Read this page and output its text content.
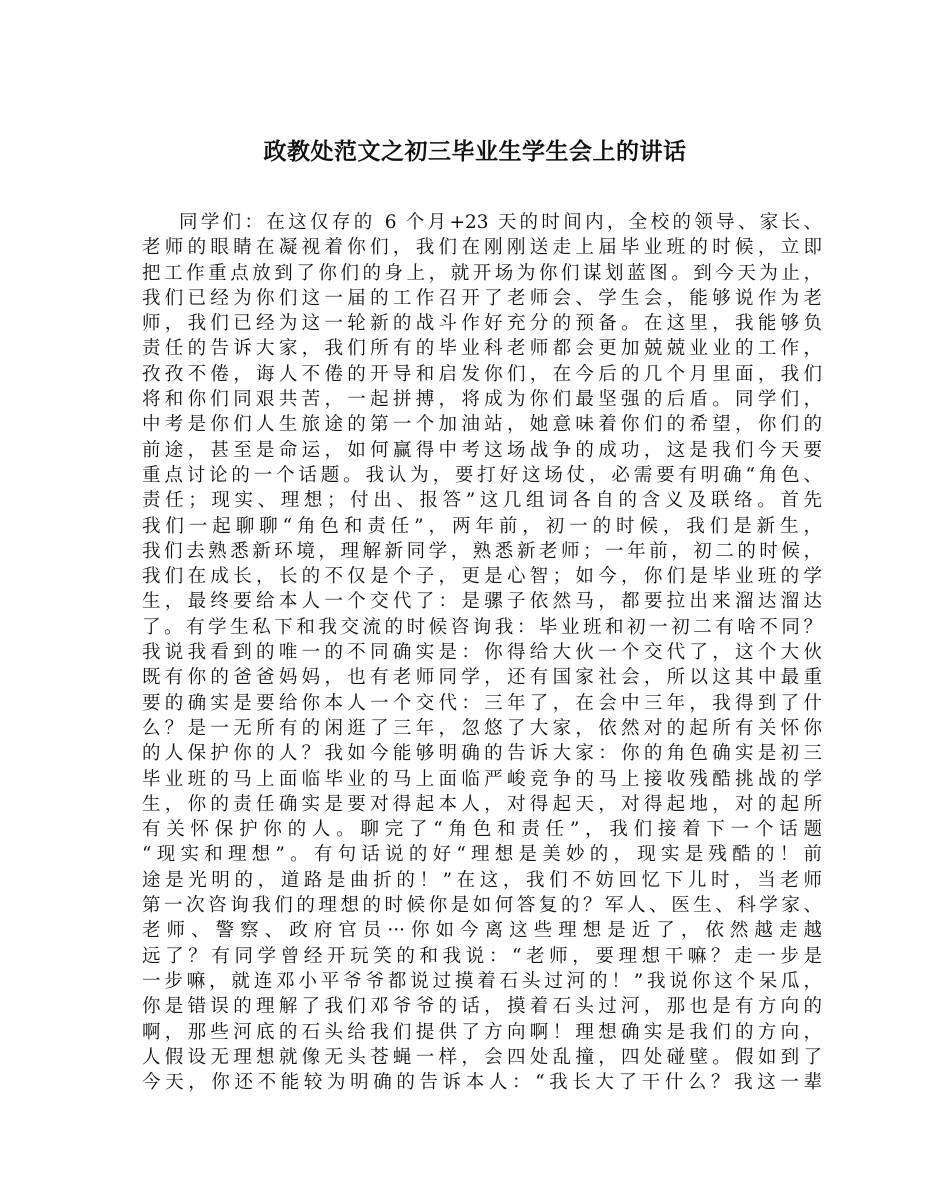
政教处范文之初三毕业生学生会上的讲话
同学们：在这仅存的 6 个月+23 天的时间内，全校的领导、家长、
老师的眼睛在凝视着你们，我们在刚刚送走上届毕业班的时候，立即
把工作重点放到了你们的身上，就开场为你们谋划蓝图。到今天为止，
我们已经为你们这一届的工作召开了老师会、学生会，能够说作为老
师，我们已经为这一轮新的战斗作好充分的预备。在这里，我能够负
责任的告诉大家，我们所有的毕业科老师都会更加兢兢业业的工作，
孜孜不倦，诲人不倦的开导和启发你们，在今后的几个月里面，我们
将和你们同艰共苦，一起拼搏，将成为你们最坚强的后盾。同学们，
中考是你们人生旅途的第一个加油站，她意味着你们的希望，你们的
前途，甚至是命运，如何赢得中考这场战争的成功，这是我们今天要
重点讨论的一个话题。我认为，要打好这场仗，必需要有明确“角色、
责任；现实、理想；付出、报答”这几组词各自的含义及联络。首先
我们一起聊聊“角色和责任”，两年前，初一的时候，我们是新生，
我们去熟悉新环境，理解新同学，熟悉新老师；一年前，初二的时候，
我们在成长，长的不仅是个子，更是心智；如今，你们是毕业班的学
生，最终要给本人一个交代了：是骡子依然马，都要拉出来溜达溜达
了。有学生私下和我交流的时候咨询我：毕业班和初一初二有啥不同？
我说我看到的唯一的不同确实是：你得给大伙一个交代了，这个大伙
既有你的爸爸妈妈，也有老师同学，还有国家社会，所以这其中最重
要的确实是要给你本人一个交代：三年了，在会中三年，我得到了什
么？是一无所有的闲逛了三年，忽悠了大家，依然对的起所有关怀你
的人保护你的人？我如今能够明确的告诉大家：你的角色确实是初三
毕业班的马上面临毕业的马上面临严峻竞争的马上接收残酷挑战的学
生，你的责任确实是要对得起本人，对得起天，对得起地，对的起所
有关怀保护你的人。聊完了“角色和责任”，我们接着下一个话题
“现实和理想”。有句话说的好“理想是美妙的，现实是残酷的！前
途是光明的，道路是曲折的！”在这，我们不妨回忆下儿时，当老师
第一次咨询我们的理想的时候你是如何答复的？军人、医生、科学家、
老师、警察、政府官员···你如今离这些理想是近了，依然越走越
远了？有同学曾经开玩笑的和我说：“老师，要理想干嘛？走一步是
一步嘛，就连邓小平爷爷都说过摸着石头过河的！”我说你这个呆瓜，
你是错误的理解了我们邓爷爷的话，摸着石头过河，那也是有方向的
啊，那些河底的石头给我们提供了方向啊！理想确实是我们的方向，
人假设无理想就像无头苍蝇一样，会四处乱撞，四处碰壁。假如到了
今天，你还不能较为明确的告诉本人：“我长大了干什么？我这一辈
